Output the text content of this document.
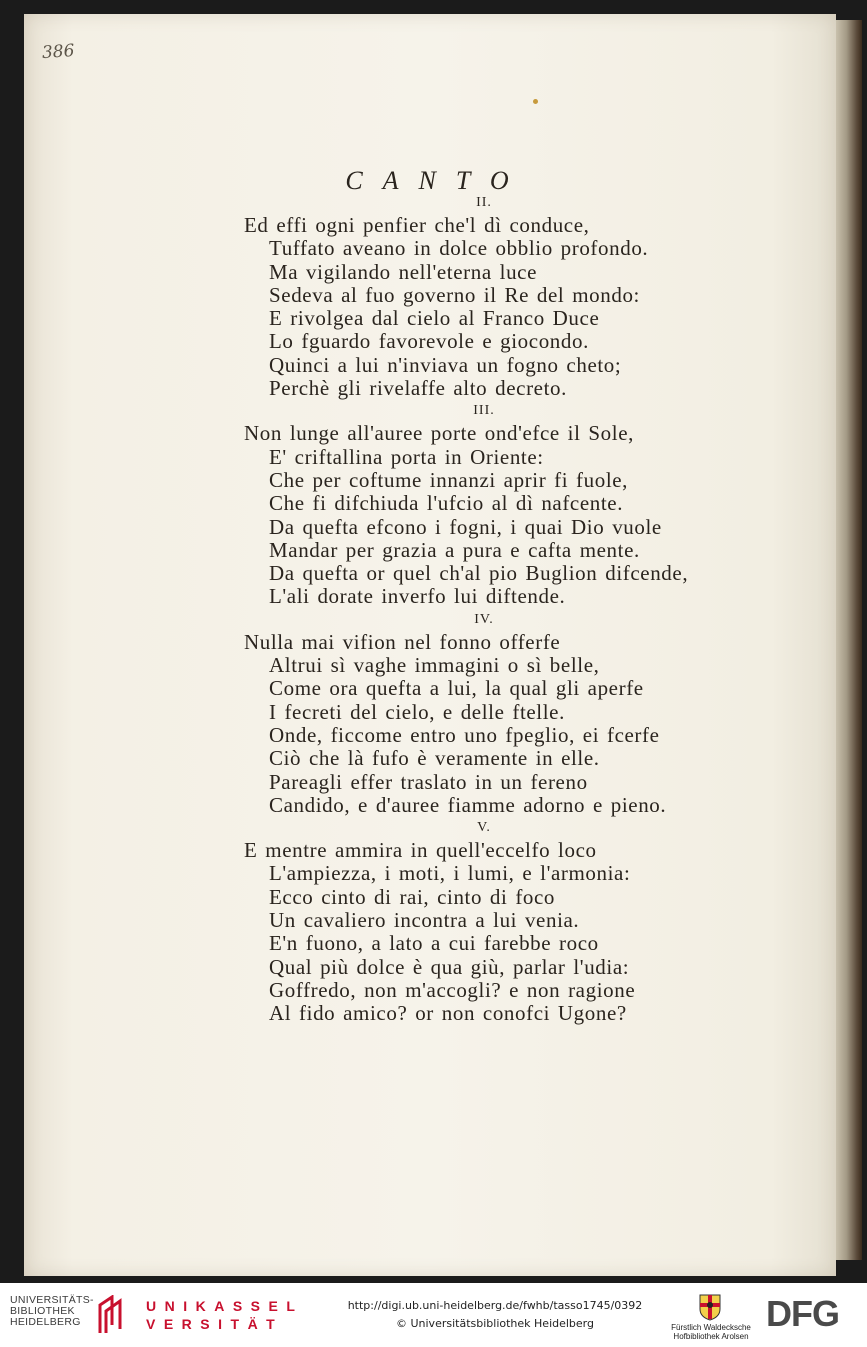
386
CANTO
II.
Ed effi ogni penfier che'l dì conduce,
Tuffato aveano in dolce obblio profondo.
Ma vigilando nell'eterna luce
Sedeva al fuo governo il Re del mondo:
E rivolgea dal cielo al Franco Duce
Lo fguardo favorevole e giocondo.
Quinci a lui n'inviava un fogno cheto;
Perchè gli rivelaffe alto decreto.
III.
Non lunge all'auree porte ond'efce il Sole,
E' criftallina porta in Oriente:
Che per coftume innanzi aprir fi fuole,
Che fi difchiuda l'ufcio al dì nafcente.
Da quefta efcono i fogni, i quai Dio vuole
Mandar per grazia a pura e cafta mente.
Da quefta or quel ch'al pio Buglion difcende,
L'ali dorate inverfo lui diftende.
IV.
Nulla mai vifion nel fonno offerfe
Altrui sì vaghe immagini o sì belle,
Come ora quefta a lui, la qual gli aperfe
I fecreti del cielo, e delle ftelle.
Onde, ficcome entro uno fpeglio, ei fcerfe
Ciò che là fufo è veramente in elle.
Pareagli effer traslato in un fereno
Candido, e d'auree fiamme adorno e pieno.
V.
E mentre ammira in quell'eccelfo loco
L'ampiezza, i moti, i lumi, e l'armonia:
Ecco cinto di rai, cinto di foco
Un cavaliero incontra a lui venia.
E'n fuono, a lato a cui farebbe roco
Qual più dolce è qua giù, parlar l'udia:
Goffredo, non m'accogli? e non ragione
Al fido amico? or non conofci Ugone?
UNIVERSITÄTS-
BIBLIOTHEK
HEIDELBERG
UNIKASSEL
VERSITÄT
http://digi.ub.uni-heidelberg.de/fwhb/tasso1745/0392
© Universitätsbibliothek Heidelberg	Fürstlich Waldecksche
Hofbibliothek Arolsen
DFG
